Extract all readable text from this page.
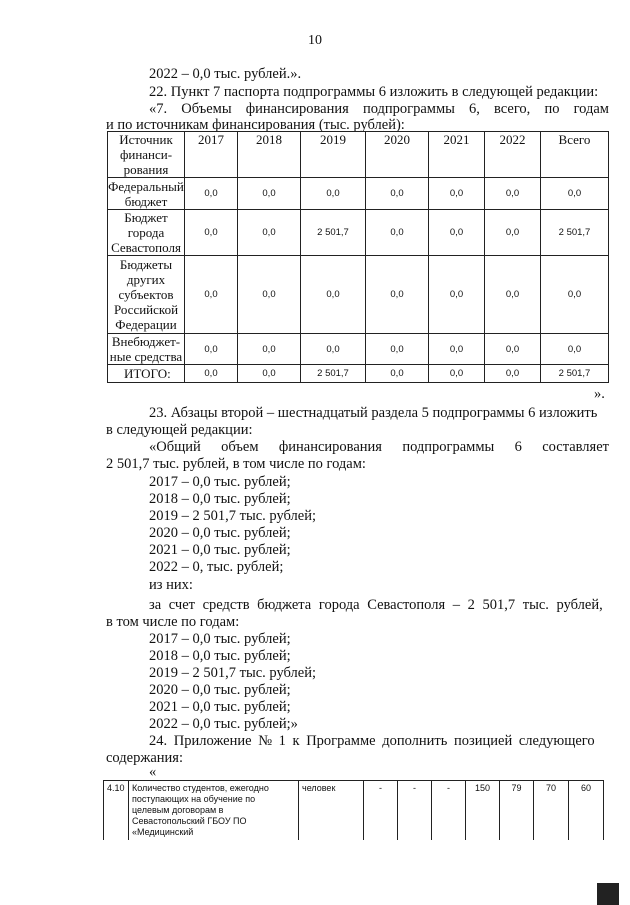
10
2022 – 0,0 тыс. рублей.».
22. Пункт 7 паспорта подпрограммы 6 изложить в следующей редакции:
«7. Объемы финансирования подпрограммы 6, всего, по годам
и по источникам финансирования (тыс. рублей):
Источник финанси-рования	2017	2018	2019	2020	2021	2022	Всего
Федеральный бюджет	0,0	0,0	0,0	0,0	0,0	0,0	0,0
Бюджет города Севастополя	0,0	0,0	2 501,7	0,0	0,0	0,0	2 501,7
Бюджеты других субъектов Российской Федерации	0,0	0,0	0,0	0,0	0,0	0,0	0,0
Внебюджет-ные средства	0,0	0,0	0,0	0,0	0,0	0,0	0,0
ИТОГО:	0,0	0,0	2 501,7	0,0	0,0	0,0	2 501,7
».
23. Абзацы второй – шестнадцатый раздела 5 подпрограммы 6 изложить
в следующей редакции:
«Общий объем финансирования подпрограммы 6 составляет
2 501,7 тыс. рублей, в том числе по годам:
2017 – 0,0 тыс. рублей;
2018 – 0,0 тыс. рублей;
2019 – 2 501,7 тыс. рублей;
2020 – 0,0 тыс. рублей;
2021 – 0,0 тыс. рублей;
2022 – 0, тыс. рублей;
из них:
за счет средств бюджета города Севастополя – 2 501,7 тыс. рублей,
в том числе по годам:
2017 – 0,0 тыс. рублей;
2018 – 0,0 тыс. рублей;
2019 – 2 501,7 тыс. рублей;
2020 – 0,0 тыс. рублей;
2021 – 0,0 тыс. рублей;
2022 – 0,0 тыс. рублей;»
24. Приложение № 1 к Программе дополнить позицией следующего
содержания:
«
4.10	Количество студентов, ежегодно поступающих на обучение по целевым договорам в Севастопольский ГБОУ ПО «Медицинский	человек	-	-	-	150	79	70	60
